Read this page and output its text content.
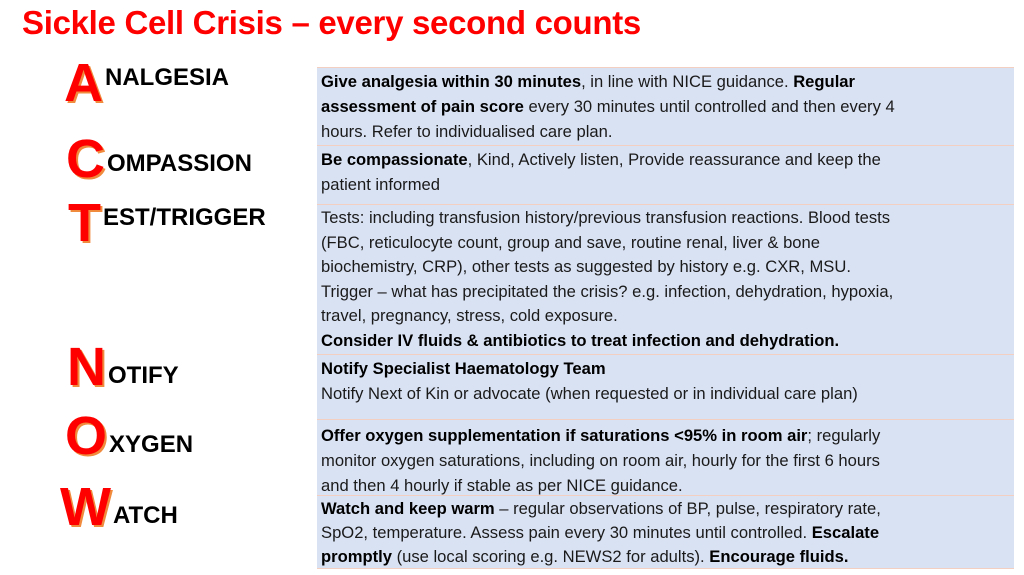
Sickle Cell Crisis – every second counts
A NALGESIA
C OMPASSION
T EST/TRIGGER
N OTIFY
O XYGEN
W ATCH
Give analgesia within 30 minutes, in line with NICE guidance. Regular
assessment of pain score every 30 minutes until controlled and then every 4
hours. Refer to individualised care plan.
Be compassionate, Kind, Actively listen, Provide reassurance and keep the
patient informed
Tests: including transfusion history/previous transfusion reactions. Blood tests
(FBC, reticulocyte count, group and save, routine renal, liver & bone
biochemistry, CRP), other tests as suggested by history e.g. CXR, MSU.
Trigger – what has precipitated the crisis? e.g. infection, dehydration, hypoxia,
travel, pregnancy, stress, cold exposure.
Consider IV fluids & antibiotics to treat infection and dehydration.
Notify Specialist Haematology Team
Notify Next of Kin or advocate (when requested or in individual care plan)
Offer oxygen supplementation if saturations <95% in room air; regularly
monitor oxygen saturations, including on room air, hourly for the first 6 hours
and then 4 hourly if stable as per NICE guidance.
Watch and keep warm – regular observations of BP, pulse, respiratory rate,
SpO2, temperature. Assess pain every 30 minutes until controlled. Escalate
promptly (use local scoring e.g. NEWS2 for adults). Encourage fluids.
